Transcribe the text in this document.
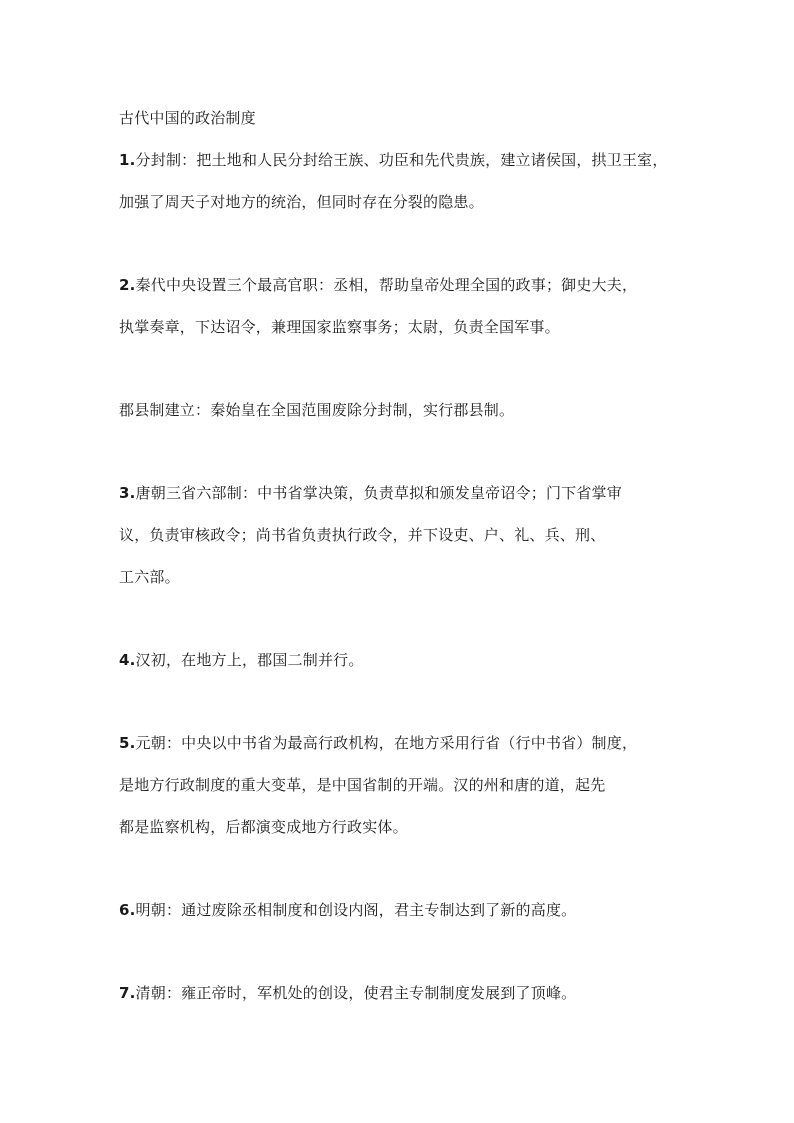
古代中国的政治制度
1.分封制：把土地和人民分封给王族、功臣和先代贵族，建立诸侯国，拱卫王室，
加强了周天子对地方的统治，但同时存在分裂的隐患。
2.秦代中央设置三个最高官职：丞相，帮助皇帝处理全国的政事；御史大夫，
执掌奏章，下达诏令，兼理国家监察事务；太尉，负责全国军事。
郡县制建立：秦始皇在全国范围废除分封制，实行郡县制。
3.唐朝三省六部制：中书省掌决策，负责草拟和颁发皇帝诏令；门下省掌审
议，负责审核政令；尚书省负责执行政令，并下设吏、户、礼、兵、刑、
工六部。
4.汉初，在地方上，郡国二制并行。
5.元朝：中央以中书省为最高行政机构，在地方采用行省（行中书省）制度，
是地方行政制度的重大变革，是中国省制的开端。汉的州和唐的道，起先
都是监察机构，后都演变成地方行政实体。
6.明朝：通过废除丞相制度和创设内阁，君主专制达到了新的高度。
7.清朝：雍正帝时，军机处的创设，使君主专制制度发展到了顶峰。
